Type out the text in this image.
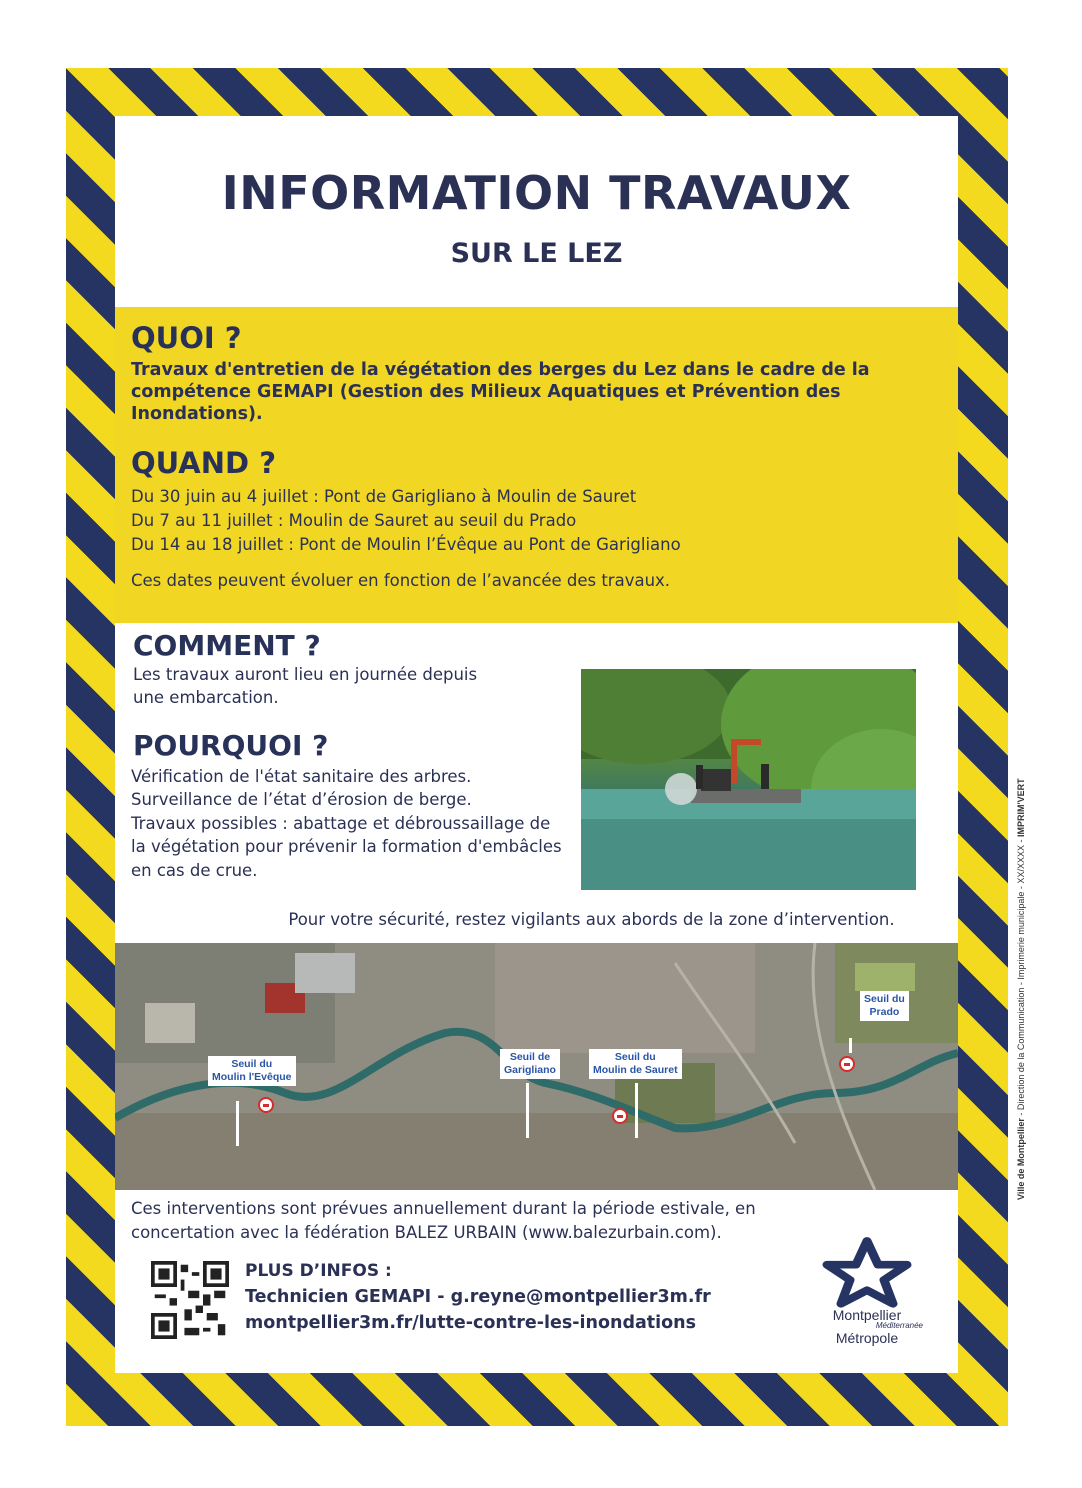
INFORMATION TRAVAUX
SUR LE LEZ
QUOI ?
Travaux d'entretien de la végétation des berges du Lez dans le cadre de la
compétence GEMAPI (Gestion des Milieux Aquatiques et Prévention des
Inondations).
QUAND ?
Du 30 juin au 4 juillet : Pont de Garigliano à Moulin de Sauret
Du 7 au 11 juillet : Moulin de Sauret au seuil du Prado
Du 14 au 18 juillet : Pont de Moulin l’Évêque au Pont de Garigliano
Ces dates peuvent évoluer en fonction de l’avancée des travaux.
COMMENT ?
Les travaux auront lieu en journée depuis
une embarcation.
POURQUOI ?
Vérification de l'état sanitaire des arbres.
Surveillance de l’état d’érosion de berge.
Travaux possibles : abattage et débroussaillage de
la végétation pour prévenir la formation d'embâcles
en cas de crue.
Pour votre sécurité, restez vigilants aux abords de la zone d’intervention.
Seuil du
Moulin l'Evêque
Seuil de
Garigliano
Seuil du
Moulin de Sauret
Seuil du
Prado
Ces interventions sont prévues annuellement durant la période estivale, en
concertation avec la fédération BALEZ URBAIN (www.balezurbain.com).
PLUS D’INFOS :
Technicien GEMAPI - g.reyne@montpellier3m.fr
montpellier3m.fr/lutte-contre-les-inondations	Montpellier
Méditerranée
Métropole
Ville de Montpellier - Direction de la Communication - Imprimerie municipale - XX/XXXX - IMPRIM'VERT
